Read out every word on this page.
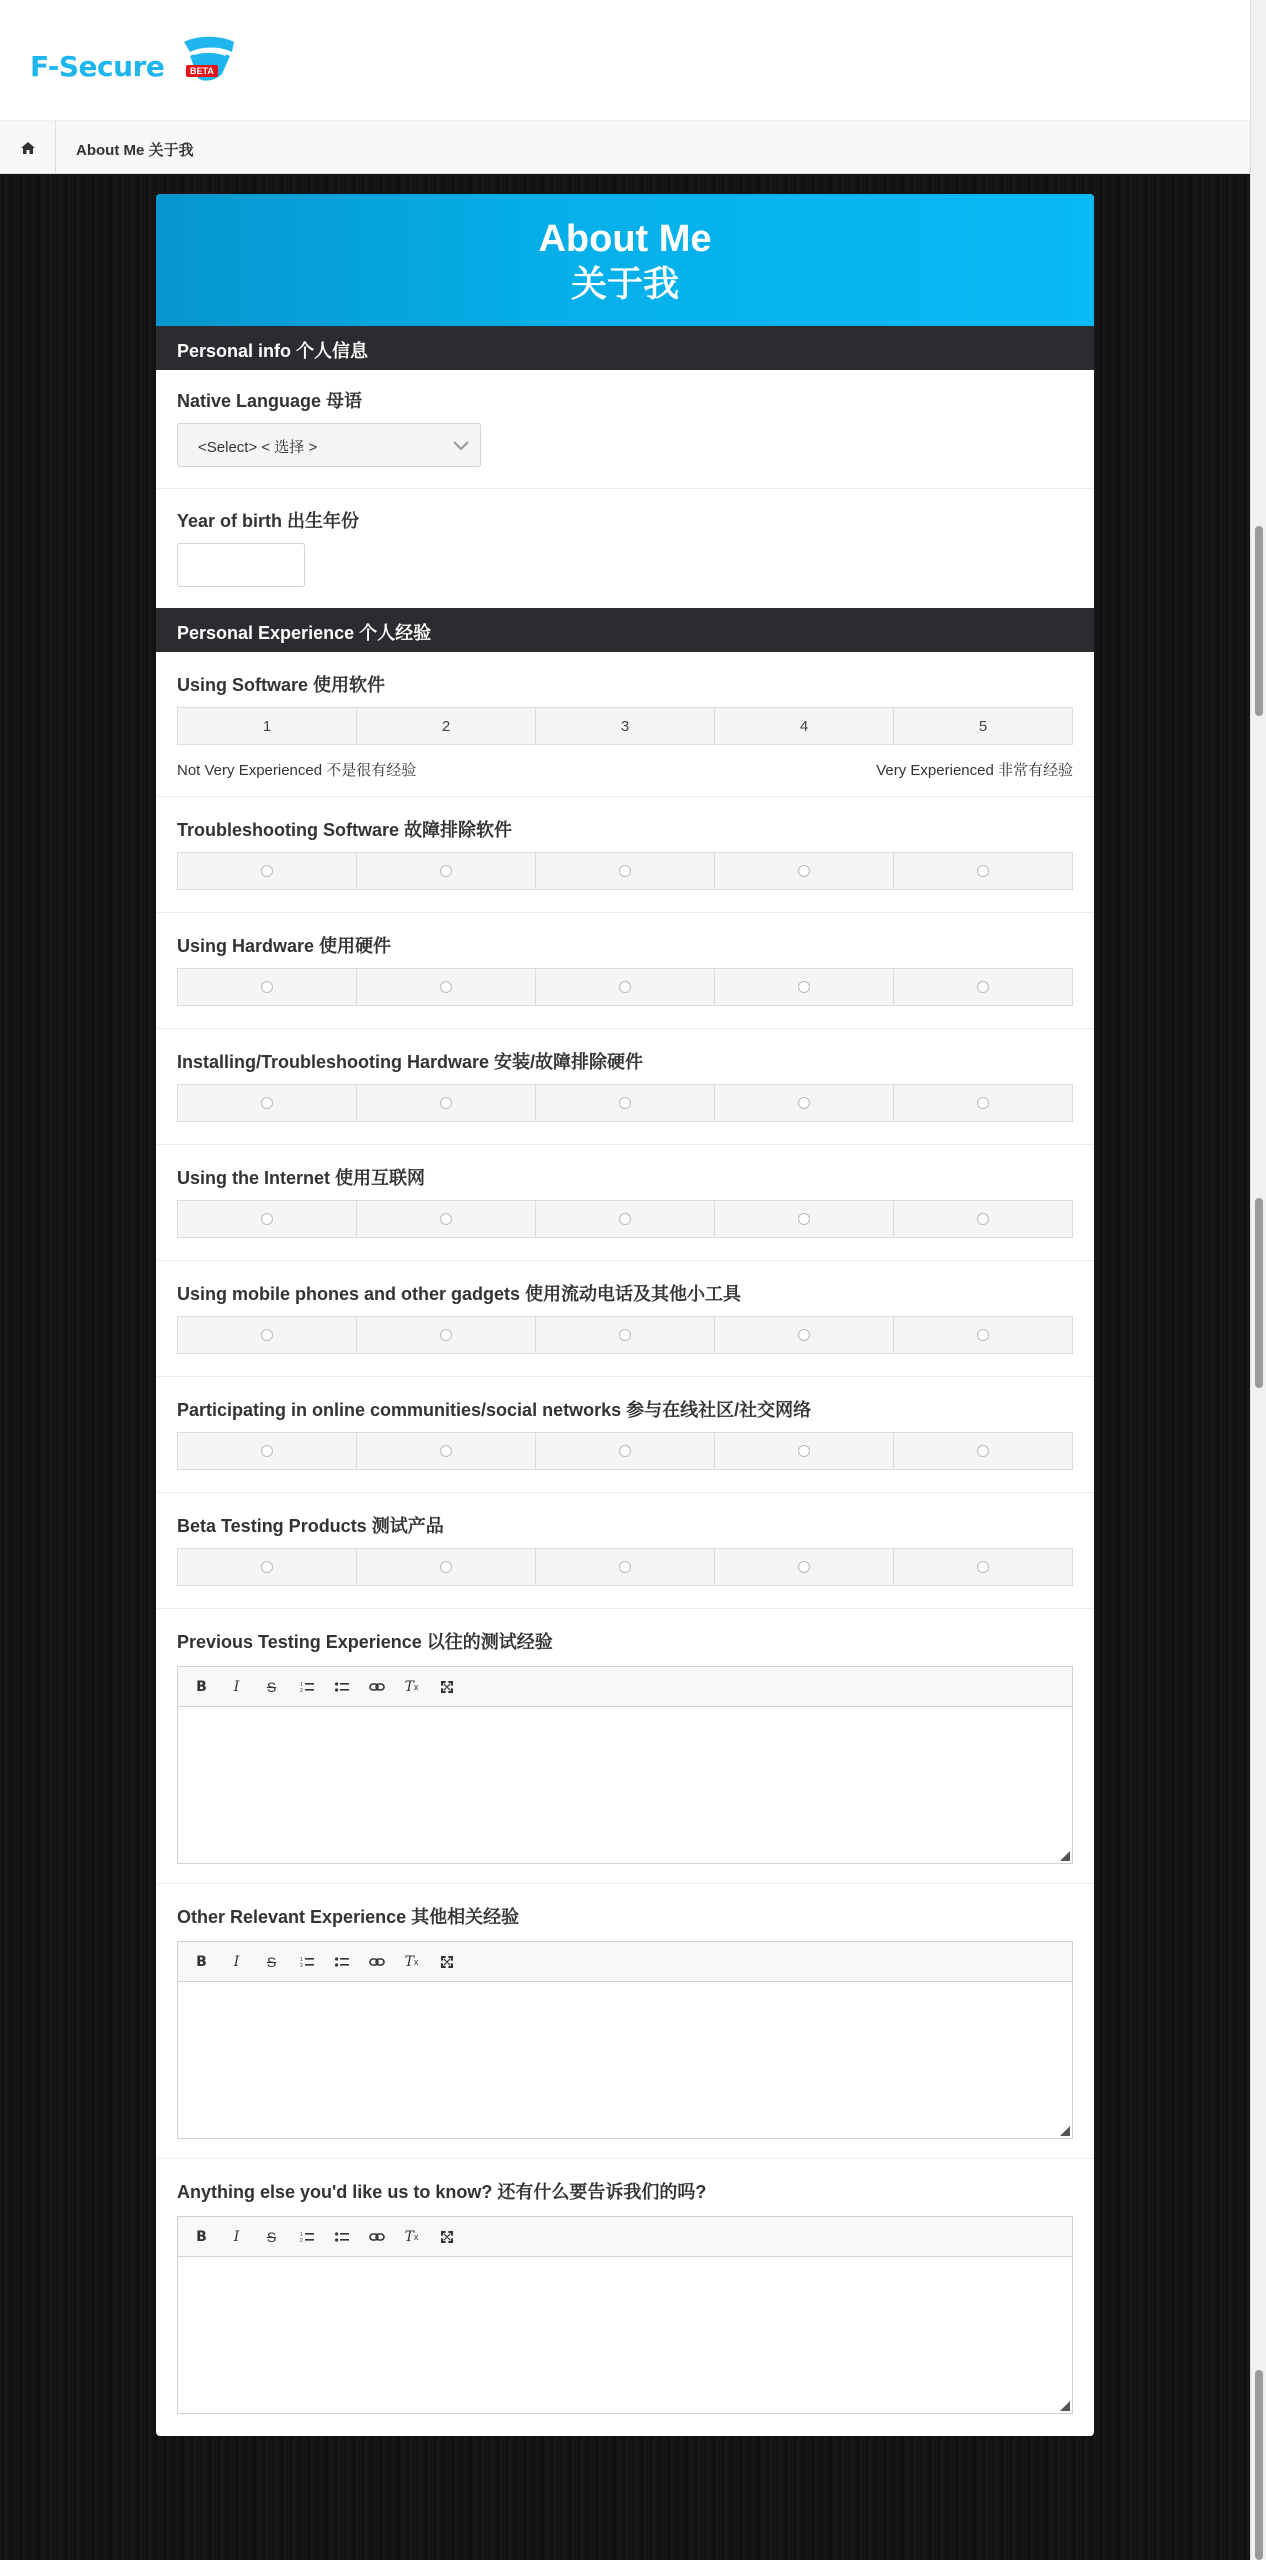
F-Secure	BETA
About Me 关于我
About Me
关于我
Personal info 个人信息
Native Language 母语
<Select> < 选择 >
Year of birth 出生年份
Personal Experience 个人经验
Using Software 使用软件
1	2	3	4	5
Not Very Experienced 不是很有经验	Very Experienced 非常有经验
Troubleshooting Software 故障排除软件
Using Hardware 使用硬件
Installing/Troubleshooting Hardware 安装/故障排除硬件
Using the Internet 使用互联网
Using mobile phones and other gadgets 使用流动电话及其他小工具
Participating in online communities/social networks 参与在线社区/社交网络
Beta Testing Products 测试产品
Previous Testing Experience 以往的测试经验
B I S	1
2	T x
Other Relevant Experience 其他相关经验
B I S	1
2	T x
Anything else you'd like us to know? 还有什么要告诉我们的吗?
B I S	1
2	T x
